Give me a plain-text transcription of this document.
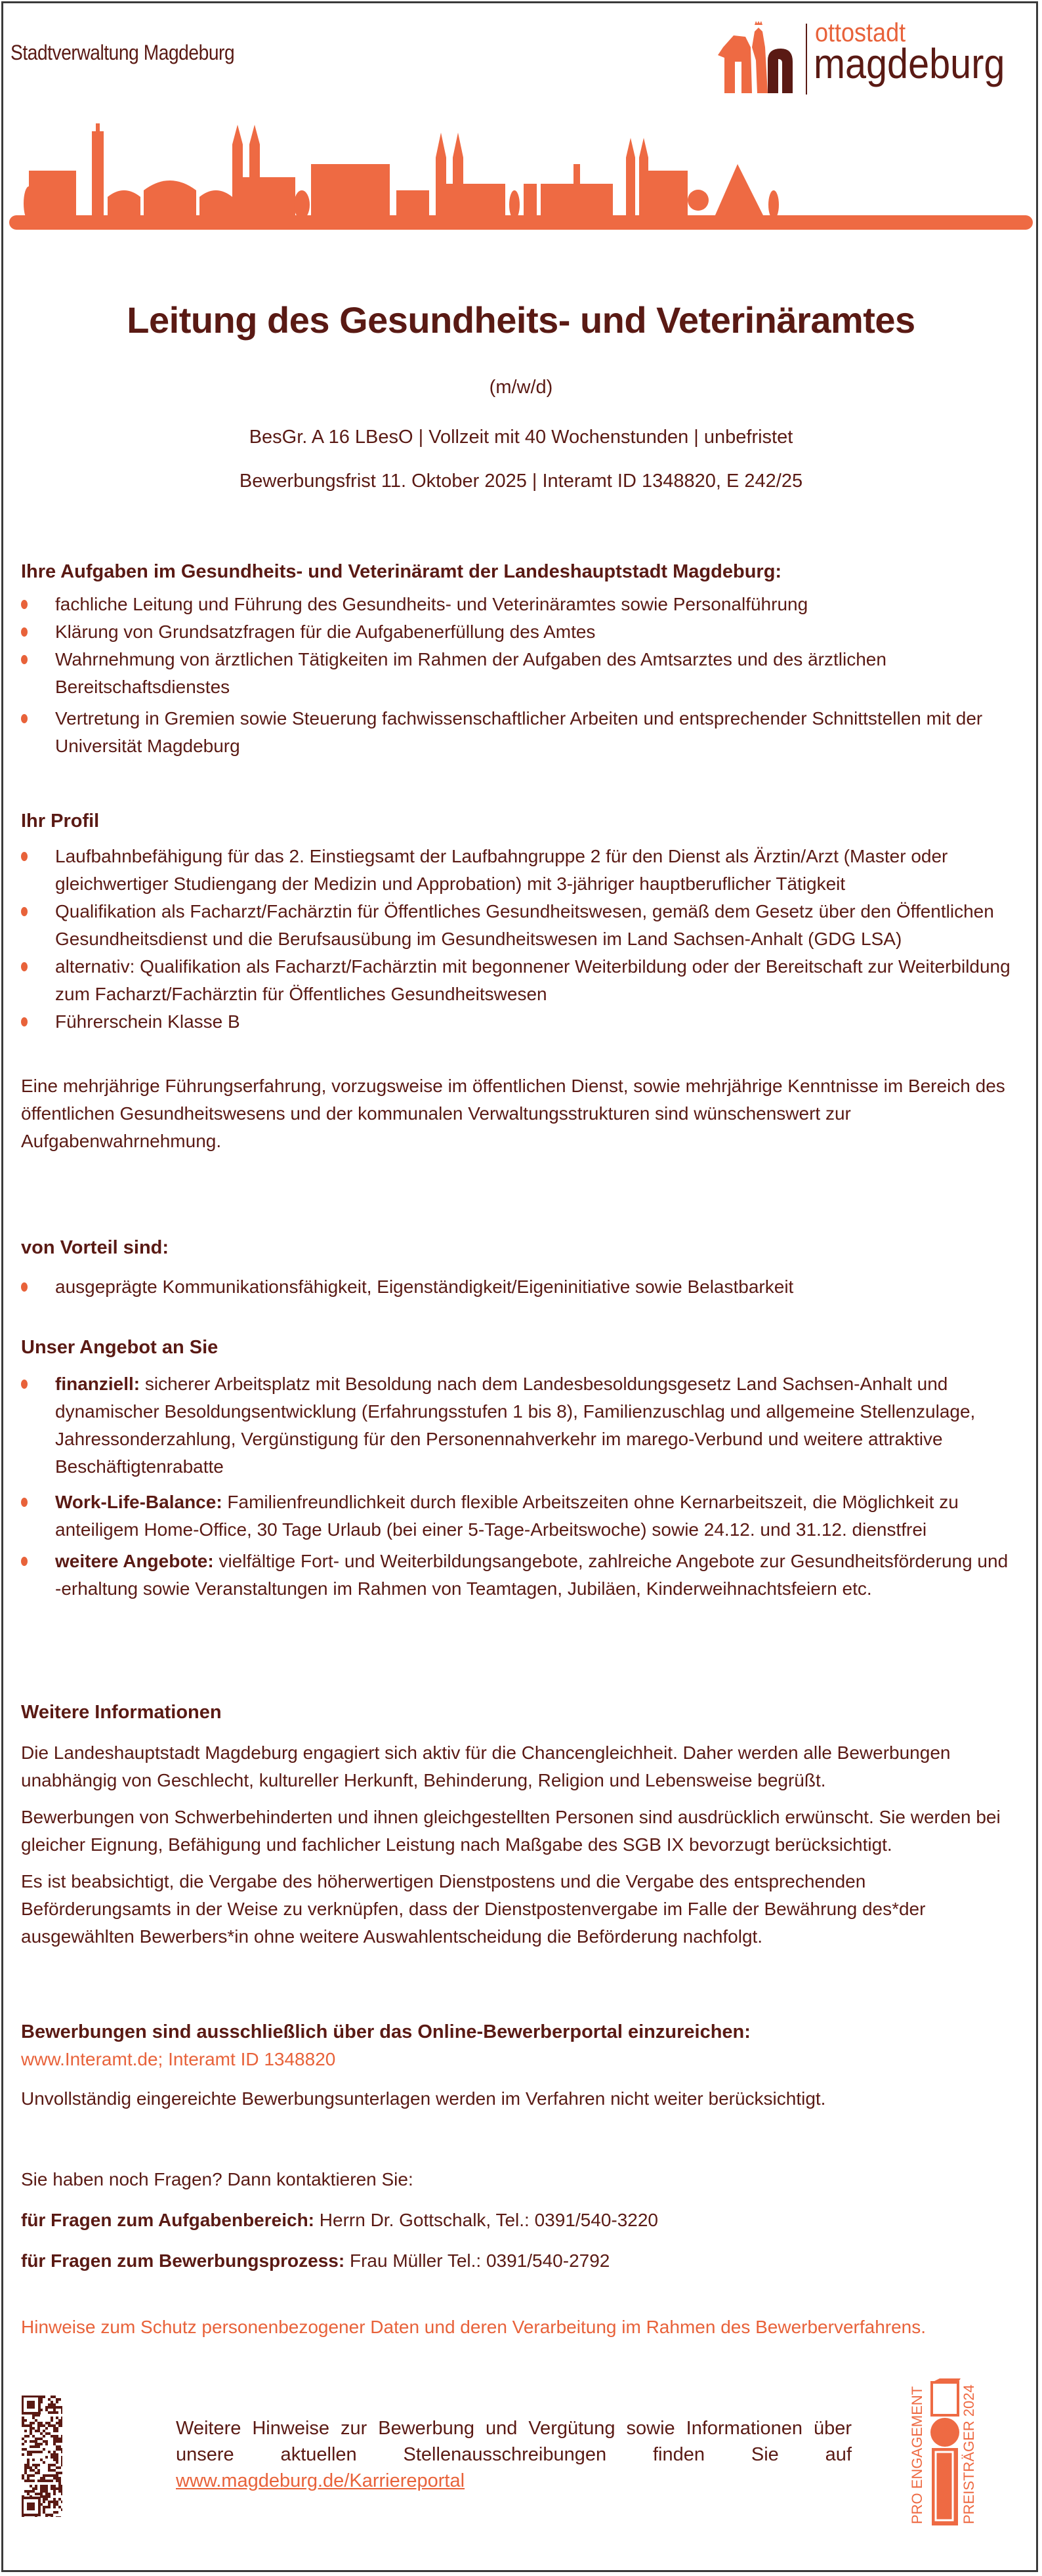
Stadtverwaltung Magdeburg
ottostadt
magdeburg
Leitung des Gesundheits- und Veterinäramtes
(m/w/d)
BesGr. A 16 LBesO | Vollzeit mit 40 Wochenstunden | unbefristet
Bewerbungsfrist 11. Oktober 2025 | Interamt ID 1348820, E 242/25
Ihre Aufgaben im Gesundheits- und Veterinäramt der Landeshauptstadt Magdeburg:
fachliche Leitung und Führung des Gesundheits- und Veterinäramtes sowie Personalführung
Klärung von Grundsatzfragen für die Aufgabenerfüllung des Amtes
Wahrnehmung von ärztlichen Tätigkeiten im Rahmen der Aufgaben des Amtsarztes und des ärztlichen Bereitschaftsdienstes
Vertretung in Gremien sowie Steuerung fachwissenschaftlicher Arbeiten und entsprechender Schnittstellen mit der Universität Magdeburg
Ihr Profil
Laufbahnbefähigung für das 2. Einstiegsamt der Laufbahngruppe 2 für den Dienst als Ärztin/Arzt (Master oder gleichwertiger Studiengang der Medizin und Approbation) mit 3-jähriger hauptberuflicher Tätigkeit
Qualifikation als Facharzt/Fachärztin für Öffentliches Gesundheitswesen, gemäß dem Gesetz über den Öffentlichen Gesundheitsdienst und die Berufsausübung im Gesundheitswesen im Land Sachsen-Anhalt (GDG LSA)
alternativ: Qualifikation als Facharzt/Fachärztin mit begonnener Weiterbildung oder der Bereitschaft zur Weiterbildung zum Facharzt/Fachärztin für Öffentliches Gesundheitswesen
Führerschein Klasse B

Eine mehrjährige Führungserfahrung, vorzugsweise im öffentlichen Dienst, sowie mehrjährige Kenntnisse im Bereich des öffentlichen Gesundheitswesens und der kommunalen Verwaltungsstrukturen sind wünschenswert zur Aufgabenwahrnehmung.

von Vorteil sind:
ausgeprägte Kommunikationsfähigkeit, Eigenständigkeit/Eigeninitiative sowie Belastbarkeit
Unser Angebot an Sie
finanziell: sicherer Arbeitsplatz mit Besoldung nach dem Landesbesoldungsgesetz Land Sachsen-Anhalt und dynamischer Besoldungsentwicklung (Erfahrungsstufen 1 bis 8), Familienzuschlag und allgemeine Stellenzulage, Jahressonderzahlung, Vergünstigung für den Personennahverkehr im marego-Verbund und weitere attraktive Beschäftigtenrabatte
Work-Life-Balance: Familienfreundlichkeit durch flexible Arbeitszeiten ohne Kernarbeitszeit, die Möglichkeit zu anteiligem Home-Office, 30 Tage Urlaub (bei einer 5-Tage-Arbeitswoche) sowie 24.12. und 31.12. dienstfrei
weitere Angebote: vielfältige Fort- und Weiterbildungsangebote, zahlreiche Angebote zur Gesundheitsförderung und -erhaltung sowie Veranstaltungen im Rahmen von Teamtagen, Jubiläen, Kinderweihnachtsfeiern etc.
Weitere Informationen

Die Landeshauptstadt Magdeburg engagiert sich aktiv für die Chancengleichheit. Daher werden alle Bewerbungen unabhängig von Geschlecht, kultureller Herkunft, Behinderung, Religion und Lebensweise begrüßt.

Bewerbungen von Schwerbehinderten und ihnen gleichgestellten Personen sind ausdrücklich erwünscht. Sie werden bei gleicher Eignung, Befähigung und fachlicher Leistung nach Maßgabe des SGB IX bevorzugt berücksichtigt.

Es ist beabsichtigt, die Vergabe des höherwertigen Dienstpostens und die Vergabe des entsprechenden Beförderungsamts in der Weise zu verknüpfen, dass der Dienstpostenvergabe im Falle der Bewährung des*der ausgewählten Bewerbers*in ohne weitere Auswahlentscheidung die Beförderung nachfolgt.

Bewerbungen sind ausschließlich über das Online-Bewerberportal einzureichen:

www.Interamt.de; Interamt ID 1348820

Unvollständig eingereichte Bewerbungsunterlagen werden im Verfahren nicht weiter berücksichtigt.

Sie haben noch Fragen? Dann kontaktieren Sie:

für Fragen zum Aufgabenbereich: Herrn Dr. Gottschalk, Tel.: 0391/540-3220

für Fragen zum Bewerbungsprozess: Frau Müller Tel.: 0391/540-2792

Hinweise zum Schutz personenbezogener Daten und deren Verarbeitung im Rahmen des Bewerberverfahrens.
Weitere Hinweise zur Bewerbung und Vergütung sowie Informationen über unsere aktuellen Stellenausschreibungen finden Sie auf www.magdeburg.de/Karriereportal	PRO ENGAGEMENT PREISTRÄGER 2024
